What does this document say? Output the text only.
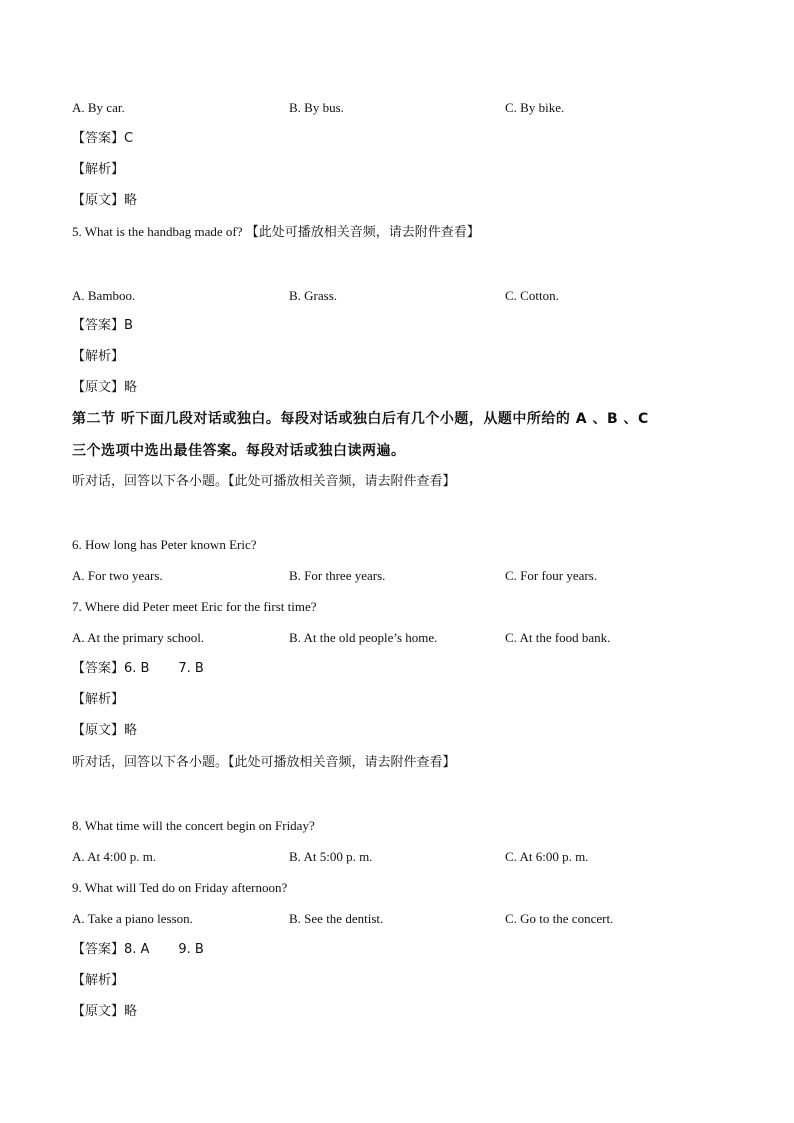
A. By car.	B. By bus.	C. By bike.
【答案】C
【解析】
【原文】略
5. What is the handbag made of? 【此处可播放相关音频，请去附件查看】
A. Bamboo.	B. Grass.	C. Cotton.
【答案】B
【解析】
【原文】略
第二节 听下面几段对话或独白。每段对话或独白后有几个小题，从题中所给的 A 、B 、C
三个选项中选出最佳答案。每段对话或独白读两遍。
听对话，回答以下各小题。【此处可播放相关音频，请去附件查看】
6. How long has Peter known Eric?
A. For two years.	B. For three years.	C. For four years.
7. Where did Peter meet Eric for the first time?
A. At the primary school.	B. At the old people’s home.	C. At the food bank.
【答案】6. B       7. B
【解析】
【原文】略
听对话，回答以下各小题。【此处可播放相关音频，请去附件查看】
8. What time will the concert begin on Friday?
A. At 4:00 p. m.	B. At 5:00 p. m.	C. At 6:00 p. m.
9. What will Ted do on Friday afternoon?
A. Take a piano lesson.	B. See the dentist.	C. Go to the concert.
【答案】8. A       9. B
【解析】
【原文】略
